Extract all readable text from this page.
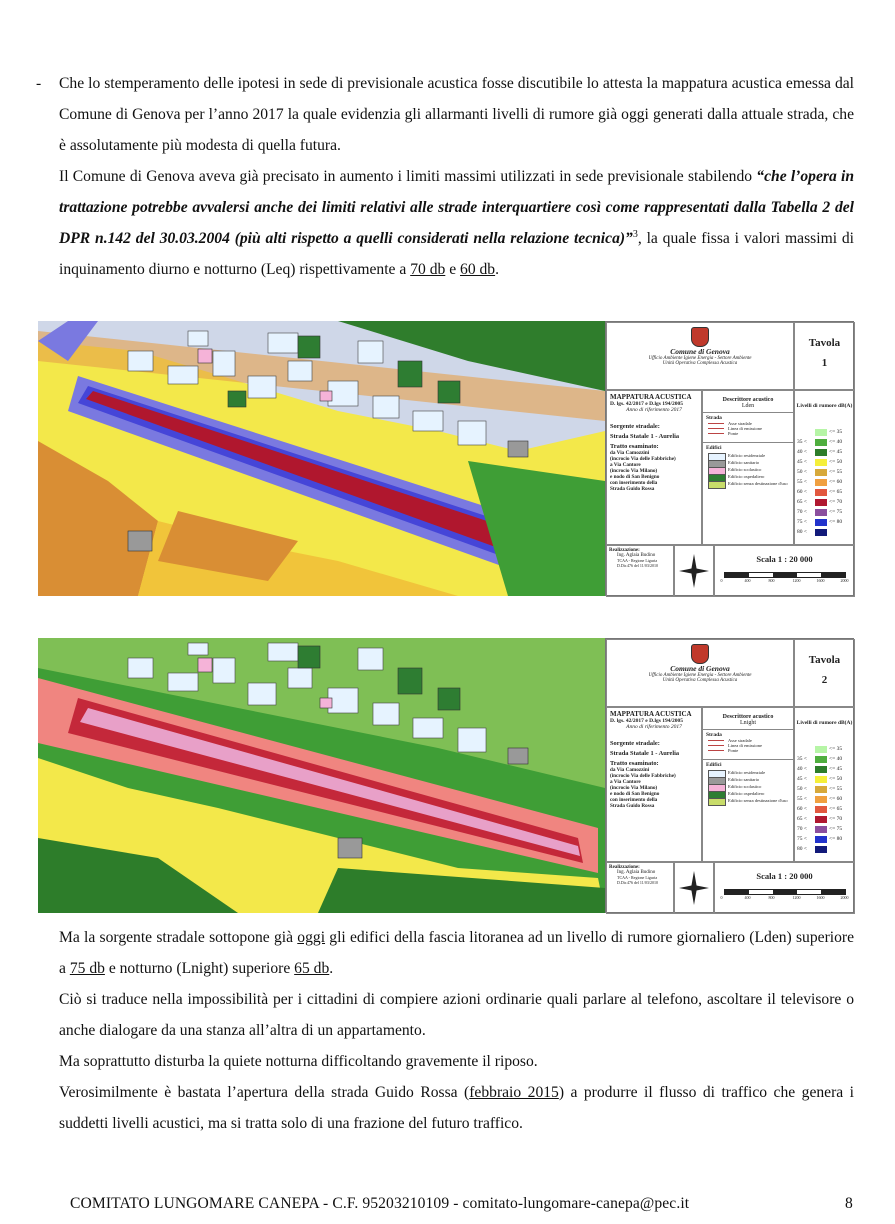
- Che lo stemperamento delle ipotesi in sede di previsionale acustica fosse discutibile lo attesta la mappatura acustica emessa dal Comune di Genova per l’anno 2017 la quale evidenzia gli allarmanti livelli di rumore già oggi generati dalla attuale strada, che è assolutamente più modesta di quella futura.

Il Comune di Genova aveva già precisato in aumento i limiti massimi utilizzati in sede previsionale stabilendo “che l’opera in trattazione potrebbe avvalersi anche dei limiti relativi alle strade interquartiere così come rappresentati dalla Tabella 2 del DPR n.142 del 30.03.2004 (più alti rispetto a quelli considerati nella relazione tecnica)”$^3$, la quale fissa i valori massimi di inquinamento diurno e notturno (Leq) rispettivamente a 70 db e 60 db.

Comune di Genova
Ufficio Ambiente Igiene Energia - Settore Ambiente
Unità Operativa Complessa Acustica
Tavola
1
MAPPATURA ACUSTICA
D. lgs. 42/2017 e D.lgs 194/2005
Anno di riferimento 2017
Sorgente stradale:
Strada Statale 1 - Aurelia
Tratto esaminato:
da Via Camozzini
(incrocio Via delle Fabbriche)
a Via Cantore
(incrocio Via Milano)
e nodo di San Benigno
con inserimento della
Strada Guido Rossa
Descrittore acustico
Lden
Strada
Asse stradale
Linea di emissione
Ponte
Edifici
Edificio residenziale
Edificio sanitario
Edificio scolastico
Edificio ospedaliero
Edificio senza destinazione d'uso
Livelli di rumore dB(A)
<= 35
35 <	<= 40
40 <	<= 45
45 <	<= 50
50 <	<= 55
55 <	<= 60
60 <	<= 65
65 <	<= 70
70 <	<= 75
75 <	<= 80
80 <
Realizzazione:
Ing. Aglaia Budino
TCAA - Regione Liguria
D.Dir.476 del 11/03/2010
Scala 1 : 20 000
0	400	800	1200	1600	2000
Comune di Genova
Ufficio Ambiente Igiene Energia - Settore Ambiente
Unità Operativa Complessa Acustica
Tavola
2
MAPPATURA ACUSTICA
D. lgs. 42/2017 e D.lgs 194/2005
Anno di riferimento 2017
Sorgente stradale:
Strada Statale 1 - Aurelia
Tratto esaminato:
da Via Camozzini
(incrocio Via delle Fabbriche)
a Via Cantore
(incrocio Via Milano)
e nodo di San Benigno
con inserimento della
Strada Guido Rossa
Descrittore acustico
Lnight
Strada
Asse stradale
Linea di emissione
Ponte
Edifici
Edificio residenziale
Edificio sanitario
Edificio scolastico
Edificio ospedaliero
Edificio senza destinazione d'uso
Livelli di rumore dB(A)
<= 35
35 <	<= 40
40 <	<= 45
45 <	<= 50
50 <	<= 55
55 <	<= 60
60 <	<= 65
65 <	<= 70
70 <	<= 75
75 <	<= 80
80 <
Realizzazione:
Ing. Aglaia Budino
TCAA - Regione Liguria
D.Dir.476 del 11/03/2010
Scala 1 : 20 000
0	400	800	1200	1600	2000

Ma la sorgente stradale sottopone già oggi gli edifici della fascia litoranea ad un livello di rumore giornaliero (Lden) superiore a 75 db e notturno (Lnight) superiore 65 db.

Ciò si traduce nella impossibilità per i cittadini di compiere azioni ordinarie quali parlare al telefono, ascoltare il televisore o anche dialogare da una stanza all’altra di un appartamento.

Ma soprattutto disturba la quiete notturna difficoltando gravemente il riposo.

Verosimilmente è bastata l’apertura della strada Guido Rossa (febbraio 2015) a produrre il flusso di traffico che genera i suddetti livelli acustici, ma si tratta solo di una frazione del futuro traffico.

COMITATO LUNGOMARE CANEPA - C.F. 95203210109 - comitato-lungomare-canepa@pec.it	8
